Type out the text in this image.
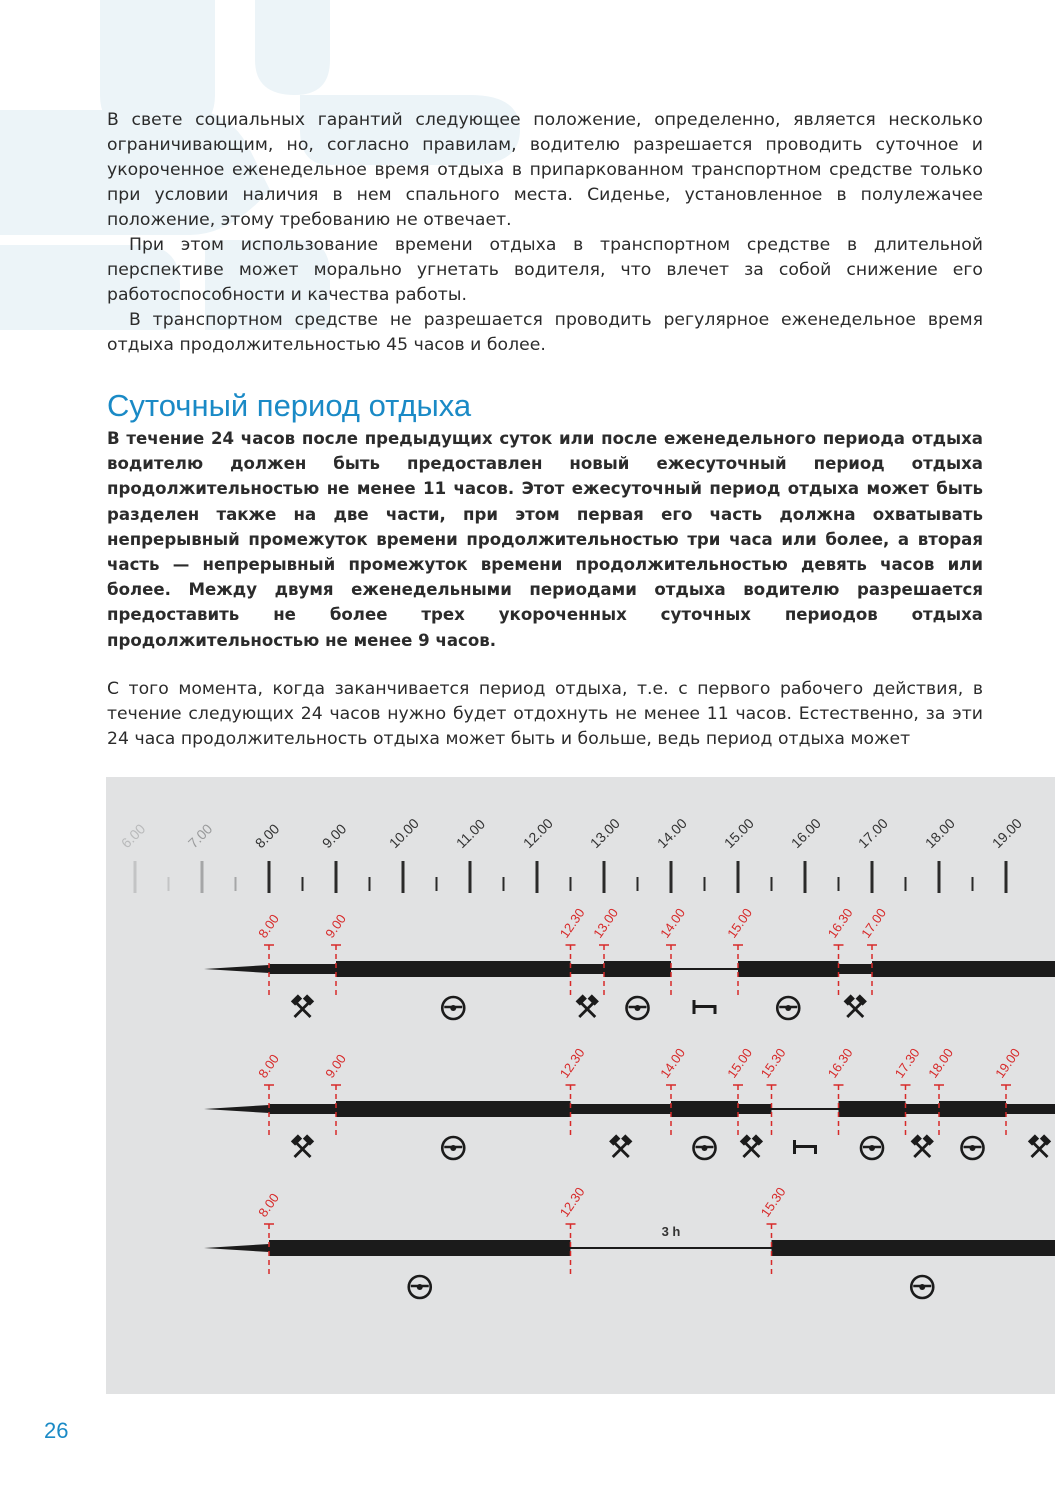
В свете социальных гарантий следующее положение, определенно, является несколько ограничивающим, но, согласно правилам, водителю разрешается проводить суточное и укороченное еженедельное время отдыха в припаркованном транспортном средстве только при условии наличия в нем спального места. Сиденье, установленное в полулежачее положение, этому требованию не отвечает.

При этом использование времени отдыха в транспортном средстве в длительной перспективе может морально угнетать водителя, что влечет за собой снижение его работоспособности и качества работы.

В транспортном средстве не разрешается проводить регулярное еженедельное время отдыха продолжительностью 45 часов и более.

Суточный период отдыха

В течение 24 часов после предыдущих суток или после еженедельного периода отдыха водителю должен быть предоставлен новый ежесуточный период отдыха продолжительностью не менее 11 часов. Этот ежесуточный период отдыха может быть разделен также на две части, при этом первая его часть должна охватывать непрерывный промежуток времени продолжительностью три часа или более, а вторая часть — непрерывный промежуток времени продолжительностью девять часов или более. Между двумя еженедельными периодами отдыха водителю разрешается предоставить не более трех укороченных суточных периодов отдыха продолжительностью не менее 9 часов.

С того момента, когда заканчивается период отдыха, т.е. с первого рабочего действия, в течение следующих 24 часов нужно будет отдохнуть не менее 11 часов. Естественно, за эти 24 часа продолжительность отдыха может быть и больше, ведь период отдыха может

6.00	7.00	8.00	9.00	10.00 11.00 12.00 13.00 14.00 15.00 16.00 17.00 18.00 19.00
8.00	9.00	12.30 13.00	14.00	15.00	16.30 17.00
8.00	9.00	12.30	14.00	15.00 15.30	16.30	17.30 18.00	19.00
3 h
8.00	12.30	15.30
26
